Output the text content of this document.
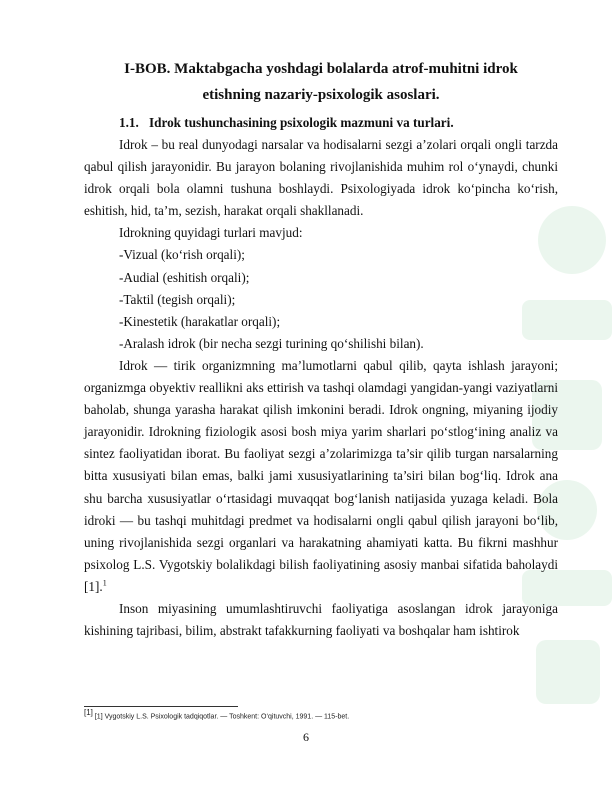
I-BOB. Maktabgacha yoshdagi bolalarda atrof-muhitni idrok
etishning nazariy-psixologik asoslari.
1.1. Idrok tushunchasining psixologik mazmuni va turlari.

Idrok – bu real dunyodagi narsalar va hodisalarni sezgi a’zolari orqali ongli tarzda qabul qilish jarayonidir. Bu jarayon bolaning rivojlanishida muhim rol o‘ynaydi, chunki idrok orqali bola olamni tushuna boshlaydi. Psixologiyada idrok ko‘pincha ko‘rish, eshitish, hid, ta’m, sezish, harakat orqali shakllanadi.

Idrokning quyidagi turlari mavjud:

-Vizual (ko‘rish orqali);

-Audial (eshitish orqali);

-Taktil (tegish orqali);

-Kinestetik (harakatlar orqali);

-Aralash idrok (bir necha sezgi turining qo‘shilishi bilan).

Idrok — tirik organizmning ma’lumotlarni qabul qilib, qayta ishlash jarayoni; organizmga obyektiv reallikni aks ettirish va tashqi olamdagi yangidan-yangi vaziyatlarni baholab, shunga yarasha harakat qilish imkonini beradi. Idrok ongning, miyaning ijodiy jarayonidir. Idrokning fiziologik asosi bosh miya yarim sharlari po‘stlog‘ining analiz va sintez faoliyatidan iborat. Bu faoliyat sezgi a’zolarimizga ta’sir qilib turgan narsalarning bitta xususiyati bilan emas, balki jami xususiyatlarining ta’siri bilan bog‘liq. Idrok ana shu barcha xususiyatlar o‘rtasidagi muvaqqat bog‘lanish natijasida yuzaga keladi. Bola idroki — bu tashqi muhitdagi predmet va hodisalarni ongli qabul qilish jarayoni bo‘lib, uning rivojlanishida sezgi organlari va harakatning ahamiyati katta. Bu fikrni mashhur psixolog L.S. Vygotskiy bolalikdagi bilish faoliyatining asosiy manbai sifatida baholaydi [1].$^1$

Inson miyasining umumlashtiruvchi faoliyatiga asoslangan idrok jarayoniga kishining tajribasi, bilim, abstrakt tafakkurning faoliyati va boshqalar ham ishtirok

[1] [1] Vygotskiy L.S. Psixologik tadqiqotlar. — Toshkent: O‘qituvchi, 1991. — 115-bet.
6
